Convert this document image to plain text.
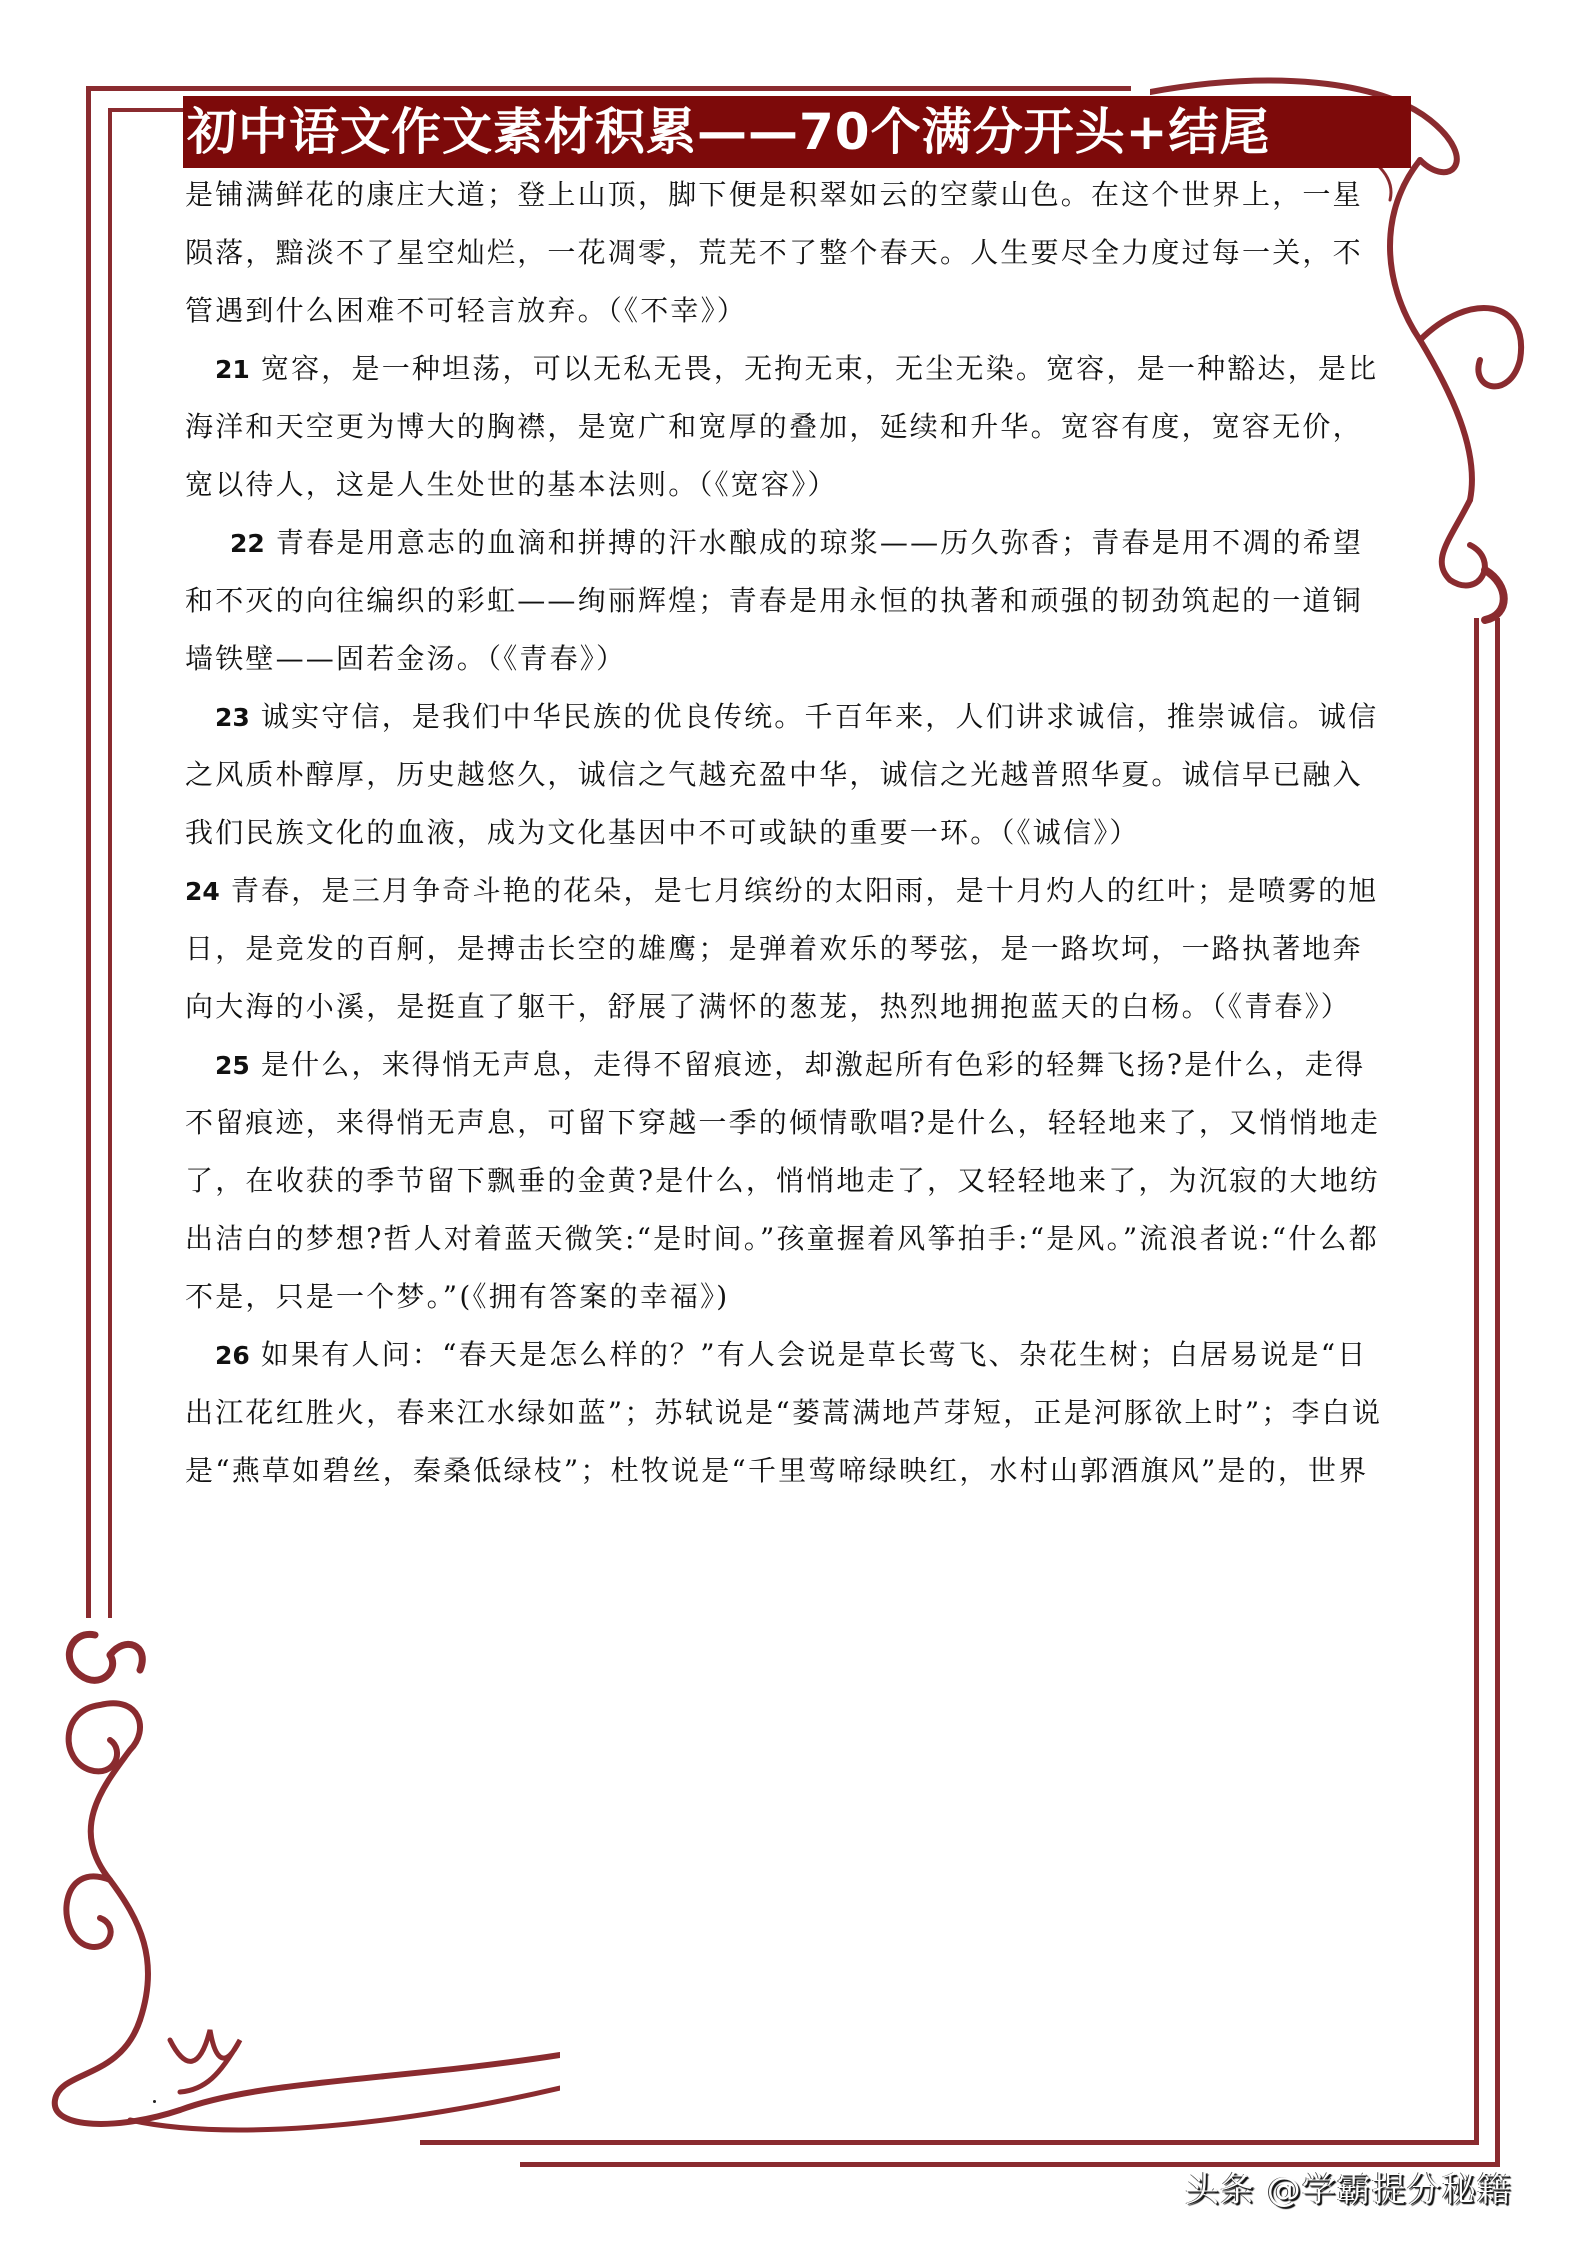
初中语文作文素材积累——70个满分开头+结尾
是铺满鲜花的康庄大道；登上山顶，脚下便是积翠如云的空蒙山色。在这个世界上，一星
陨落，黯淡不了星空灿烂，一花凋零，荒芜不了整个春天。人生要尽全力度过每一关，不
管遇到什么困难不可轻言放弃。（《不幸》）
21 宽容，是一种坦荡，可以无私无畏，无拘无束，无尘无染。宽容，是一种豁达，是比
海洋和天空更为博大的胸襟，是宽广和宽厚的叠加，延续和升华。宽容有度，宽容无价，
宽以待人，这是人生处世的基本法则。（《宽容》）
22 青春是用意志的血滴和拼搏的汗水酿成的琼浆——历久弥香；青春是用不凋的希望
和不灭的向往编织的彩虹——绚丽辉煌；青春是用永恒的执著和顽强的韧劲筑起的一道铜
墙铁壁——固若金汤。（《青春》）
23 诚实守信，是我们中华民族的优良传统。千百年来，人们讲求诚信，推崇诚信。诚信
之风质朴醇厚，历史越悠久，诚信之气越充盈中华，诚信之光越普照华夏。诚信早已融入
我们民族文化的血液，成为文化基因中不可或缺的重要一环。（《诚信》）
24 青春，是三月争奇斗艳的花朵，是七月缤纷的太阳雨，是十月灼人的红叶；是喷雾的旭
日，是竞发的百舸，是搏击长空的雄鹰；是弹着欢乐的琴弦，是一路坎坷，一路执著地奔
向大海的小溪，是挺直了躯干，舒展了满怀的葱茏，热烈地拥抱蓝天的白杨。（《青春》）
25 是什么，来得悄无声息，走得不留痕迹，却激起所有色彩的轻舞飞扬?是什么，走得
不留痕迹，来得悄无声息，可留下穿越一季的倾情歌唱?是什么，轻轻地来了，又悄悄地走
了，在收获的季节留下飘垂的金黄?是什么，悄悄地走了，又轻轻地来了，为沉寂的大地纺
出洁白的梦想?哲人对着蓝天微笑:“是时间。”孩童握着风筝拍手:“是风。”流浪者说:“什么都
不是，只是一个梦。”(《拥有答案的幸福》)
26 如果有人问：“春天是怎么样的？”有人会说是草长莺飞、杂花生树；白居易说是“日
出江花红胜火，春来江水绿如蓝”；苏轼说是“蒌蒿满地芦芽短，正是河豚欲上时”；李白说
是“燕草如碧丝，秦桑低绿枝”；杜牧说是“千里莺啼绿映红，水村山郭酒旗风”是的，世界
头条 @学霸提分秘籍
